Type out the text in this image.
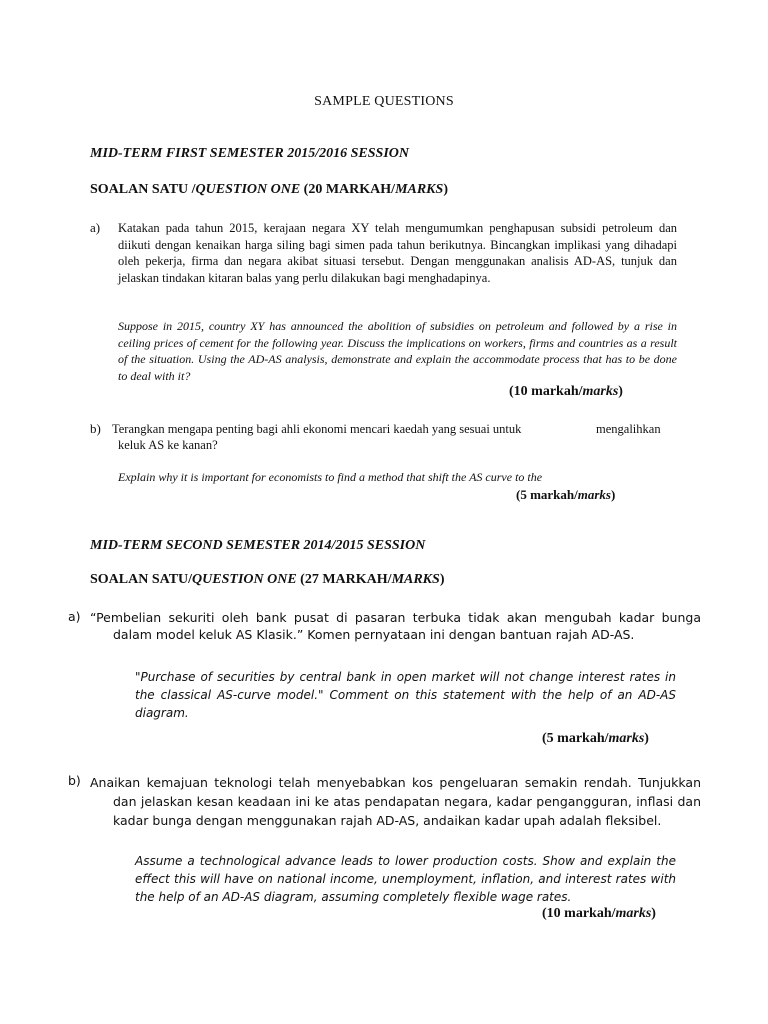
SAMPLE QUESTIONS
MID-TERM FIRST SEMESTER 2015/2016 SESSION
SOALAN SATU /QUESTION ONE (20 MARKAH/MARKS)
a) Katakan pada tahun 2015, kerajaan negara XY telah mengumumkan penghapusan subsidi petroleum dan diikuti dengan kenaikan harga siling bagi simen pada tahun berikutnya. Bincangkan implikasi yang dihadapi oleh pekerja, firma dan negara akibat situasi tersebut. Dengan menggunakan analisis AD-AS, tunjuk dan jelaskan tindakan kitaran balas yang perlu dilakukan bagi menghadapinya.
Suppose in 2015, country XY has announced the abolition of subsidies on petroleum and followed by a rise in ceiling prices of cement for the following year. Discuss the implications on workers, firms and countries as a result of the situation. Using the AD-AS analysis, demonstrate and explain the accommodate process that has to be done to deal with it?
(10 markah/marks)
b) Terangkan mengapa penting bagi ahli ekonomi mencari kaedah yang sesuai untuk	mengalihkan
keluk AS ke kanan?
Explain why it is important for economists to find a method that shift the AS curve to the
(5 markah/marks)
MID-TERM SECOND SEMESTER 2014/2015 SESSION
SOALAN SATU/QUESTION ONE (27 MARKAH/MARKS)
a) “Pembelian sekuriti oleh bank pusat di pasaran terbuka tidak akan mengubah kadar bunga dalam model keluk AS Klasik.” Komen pernyataan ini dengan bantuan rajah AD-AS.
"Purchase of securities by central bank in open market will not change interest rates in the classical AS-curve model." Comment on this statement with the help of an AD-AS diagram.
(5 markah/marks)
b) Anaikan kemajuan teknologi telah menyebabkan kos pengeluaran semakin rendah. Tunjukkan dan jelaskan kesan keadaan ini ke atas pendapatan negara, kadar pengangguran, inflasi dan kadar bunga dengan menggunakan rajah AD-AS, andaikan kadar upah adalah fleksibel.
Assume a technological advance leads to lower production costs. Show and explain the effect this will have on national income, unemployment, inflation, and interest rates with the help of an AD-AS diagram, assuming completely flexible wage rates.
(10 markah/marks)
